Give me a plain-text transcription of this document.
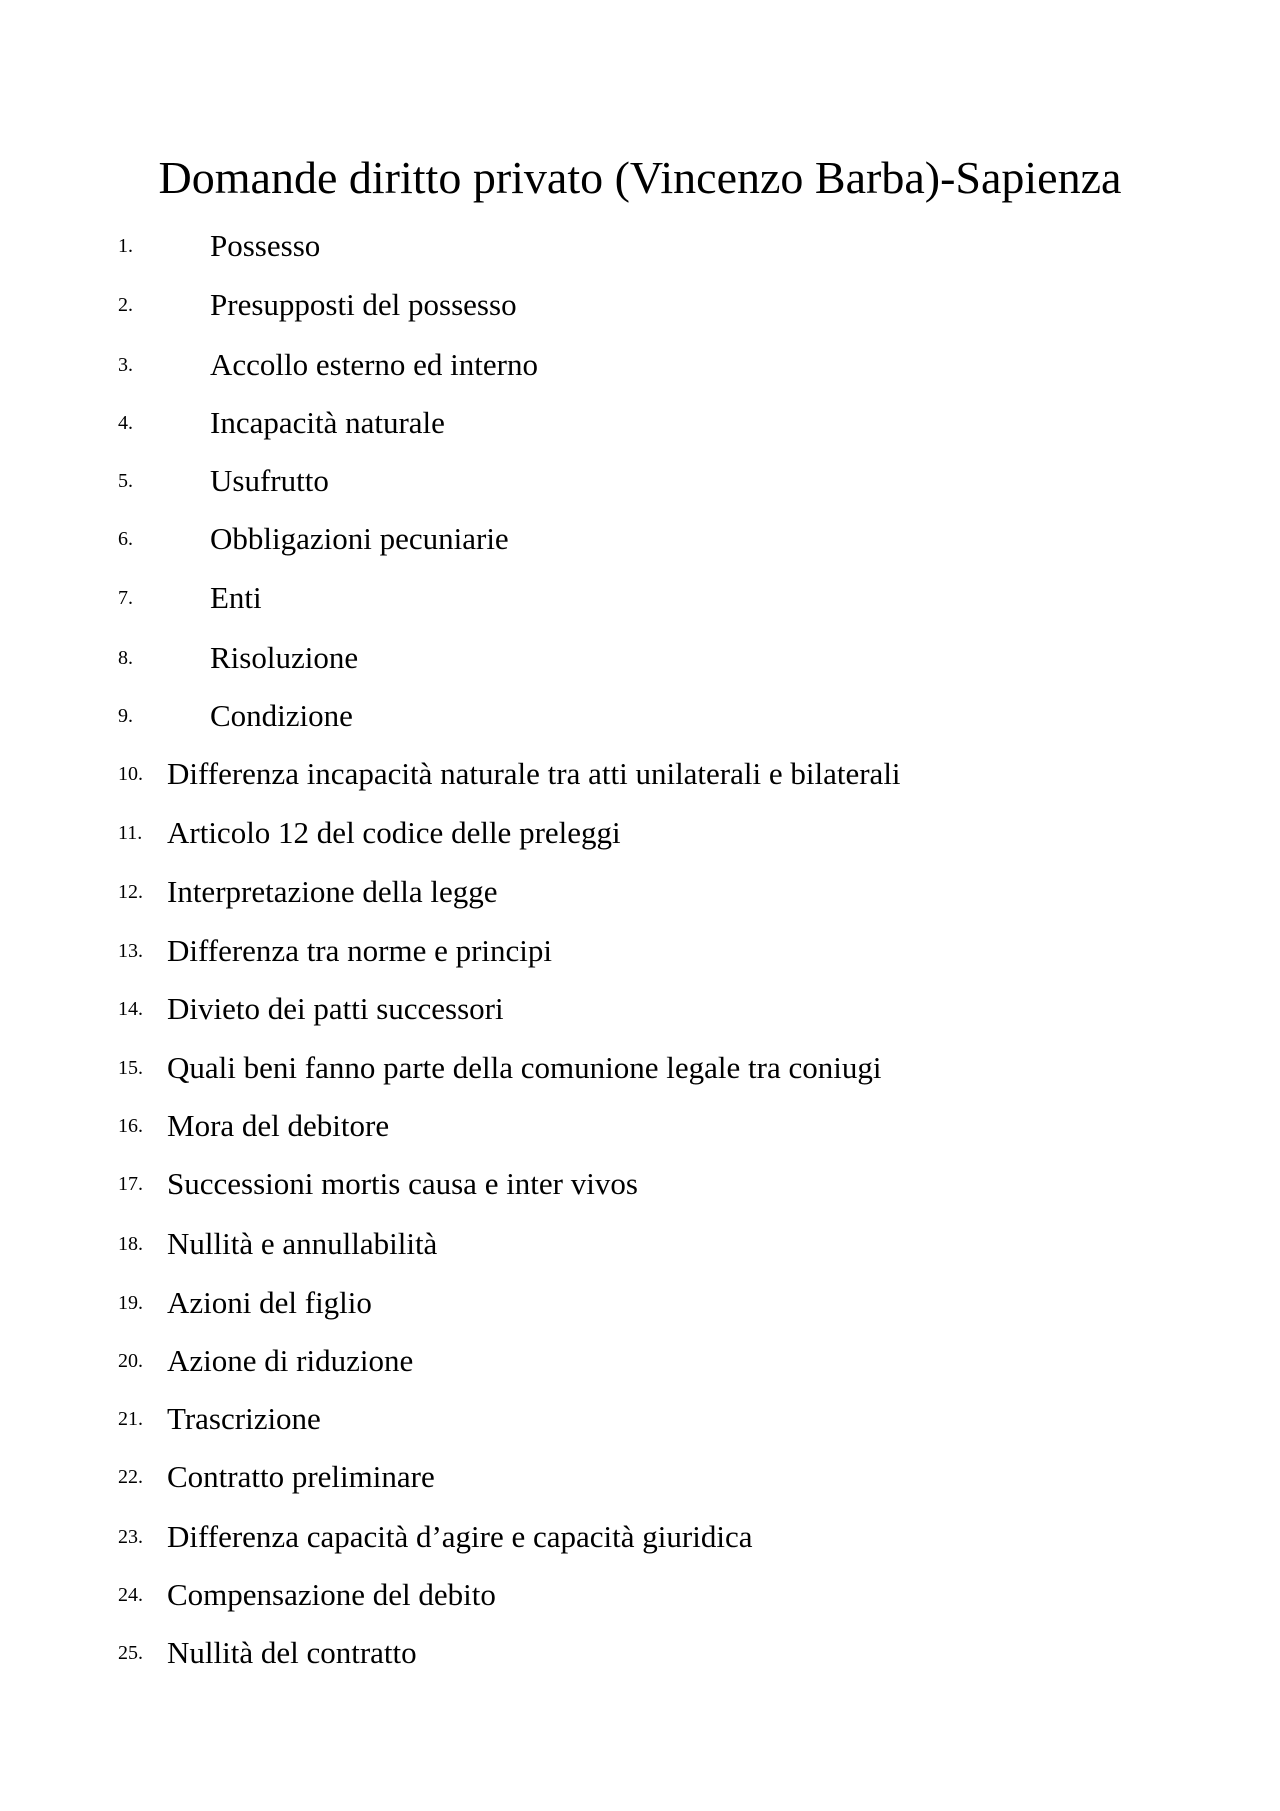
Domande diritto privato (Vincenzo Barba)-Sapienza
1. Possesso
2. Presupposti del possesso
3. Accollo esterno ed interno
4. Incapacità naturale
5. Usufrutto
6. Obbligazioni pecuniarie
7. Enti
8. Risoluzione
9. Condizione
10. Differenza incapacità naturale tra atti unilaterali e bilaterali
11. Articolo 12 del codice delle preleggi
12. Interpretazione della legge
13. Differenza tra norme e principi
14. Divieto dei patti successori
15. Quali beni fanno parte della comunione legale tra coniugi
16. Mora del debitore
17. Successioni mortis causa e inter vivos
18. Nullità e annullabilità
19. Azioni del figlio
20. Azione di riduzione
21. Trascrizione
22. Contratto preliminare
23. Differenza capacità d’agire e capacità giuridica
24. Compensazione del debito
25. Nullità del contratto
